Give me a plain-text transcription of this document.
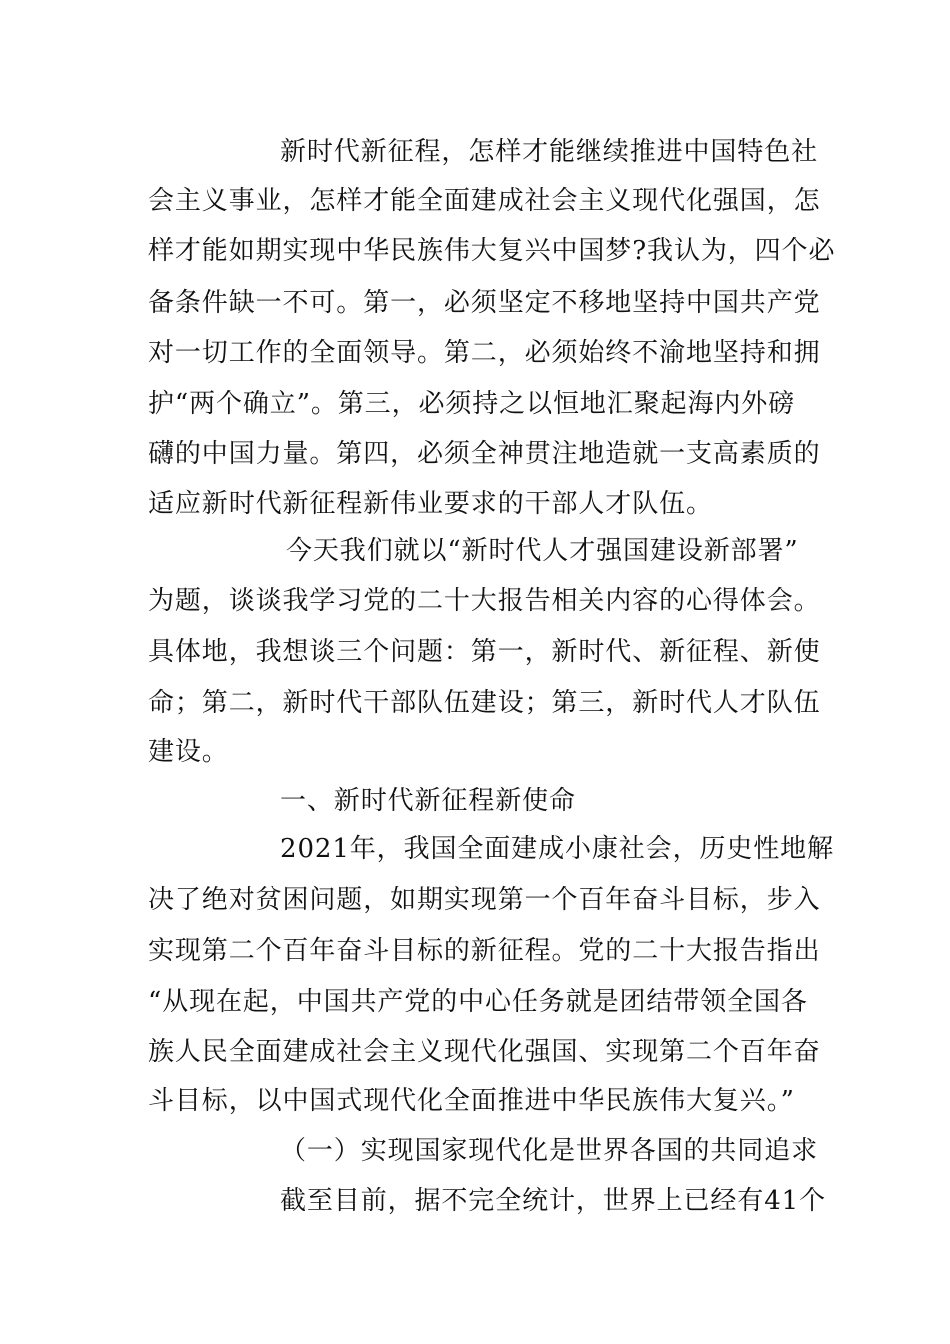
新时代新征程，怎样才能继续推进中国特色社
会主义事业，怎样才能全面建成社会主义现代化强国，怎
样才能如期实现中华民族伟大复兴中国梦?我认为，四个必
备条件缺一不可。第一，必须坚定不移地坚持中国共产党
对一切工作的全面领导。第二，必须始终不渝地坚持和拥
护“两个确立”。第三，必须持之以恒地汇聚起海内外磅
礴的中国力量。第四，必须全神贯注地造就一支高素质的
适应新时代新征程新伟业要求的干部人才队伍。
今天我们就以“新时代人才强国建设新部署”
为题，谈谈我学习党的二十大报告相关内容的心得体会。
具体地，我想谈三个问题：第一，新时代、新征程、新使
命；第二，新时代干部队伍建设；第三，新时代人才队伍
建设。
一、新时代新征程新使命
2021年，我国全面建成小康社会，历史性地解
决了绝对贫困问题，如期实现第一个百年奋斗目标，步入
实现第二个百年奋斗目标的新征程。党的二十大报告指出
“从现在起，中国共产党的中心任务就是团结带领全国各
族人民全面建成社会主义现代化强国、实现第二个百年奋
斗目标，以中国式现代化全面推进中华民族伟大复兴。”
（一）实现国家现代化是世界各国的共同追求
截至目前，据不完全统计，世界上已经有41个
